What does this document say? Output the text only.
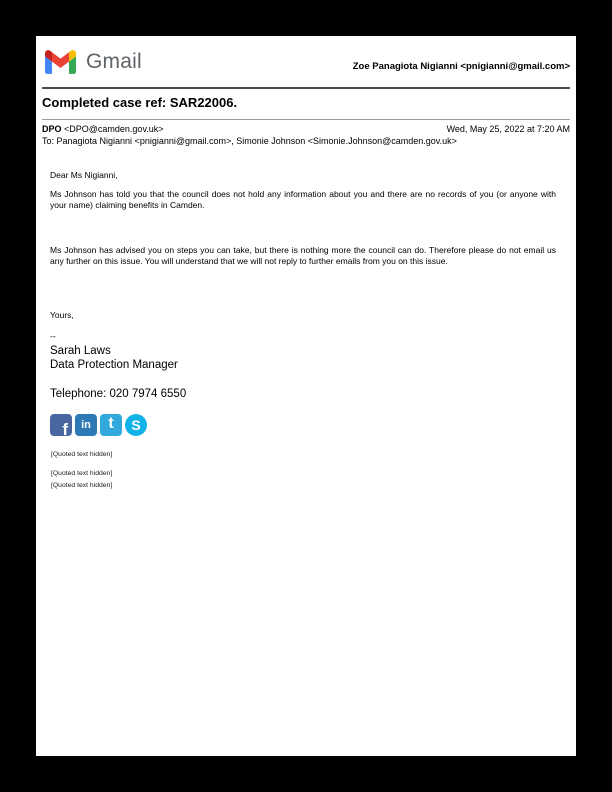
Gmail	Zoe Panagiota Nigianni <pnigianni@gmail.com>
Completed case ref: SAR22006.
DPO <DPO@camden.gov.uk>	Wed, May 25, 2022 at 7:20 AM
To: Panagiota Nigianni <pnigianni@gmail.com>, Simonie Johnson <Simonie.Johnson@camden.gov.uk>
Dear Ms Nigianni,
Ms Johnson has told you that the council does not hold any information about you and there are no records of you (or anyone with your name) claiming benefits in Camden.
Ms Johnson has advised you on steps you can take, but there is nothing more the council can do. Therefore please do not email us any further on this issue. You will understand that we will not reply to further emails from you on this issue.
Yours,
--
Sarah Laws
Data Protection Manager
Telephone: 020 7974 6550
f in t S
[Quoted text hidden]
[Quoted text hidden]
[Quoted text hidden]
